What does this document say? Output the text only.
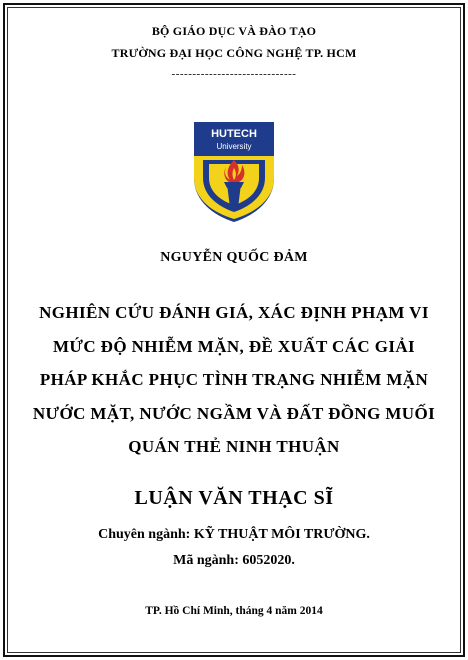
BỘ GIÁO DỤC VÀ ĐÀO TẠO
TRƯỜNG ĐẠI HỌC CÔNG NGHỆ TP. HCM
------------------------------
HUTECH
University
NGUYỄN QUỐC ĐẢM
NGHIÊN CỨU ĐÁNH GIÁ, XÁC ĐỊNH PHẠM VI
MỨC ĐỘ NHIỄM MẶN, ĐỀ XUẤT CÁC GIẢI
PHÁP KHẮC PHỤC TÌNH TRẠNG NHIỄM MẶN
NƯỚC MẶT, NƯỚC NGẦM VÀ ĐẤT ĐỒNG MUỐI
QUÁN THẺ NINH THUẬN
LUẬN VĂN THẠC SĨ
Chuyên ngành: KỸ THUẬT MÔI TRƯỜNG.
Mã ngành: 6052020.
TP. Hồ Chí Minh, tháng 4 năm 2014
